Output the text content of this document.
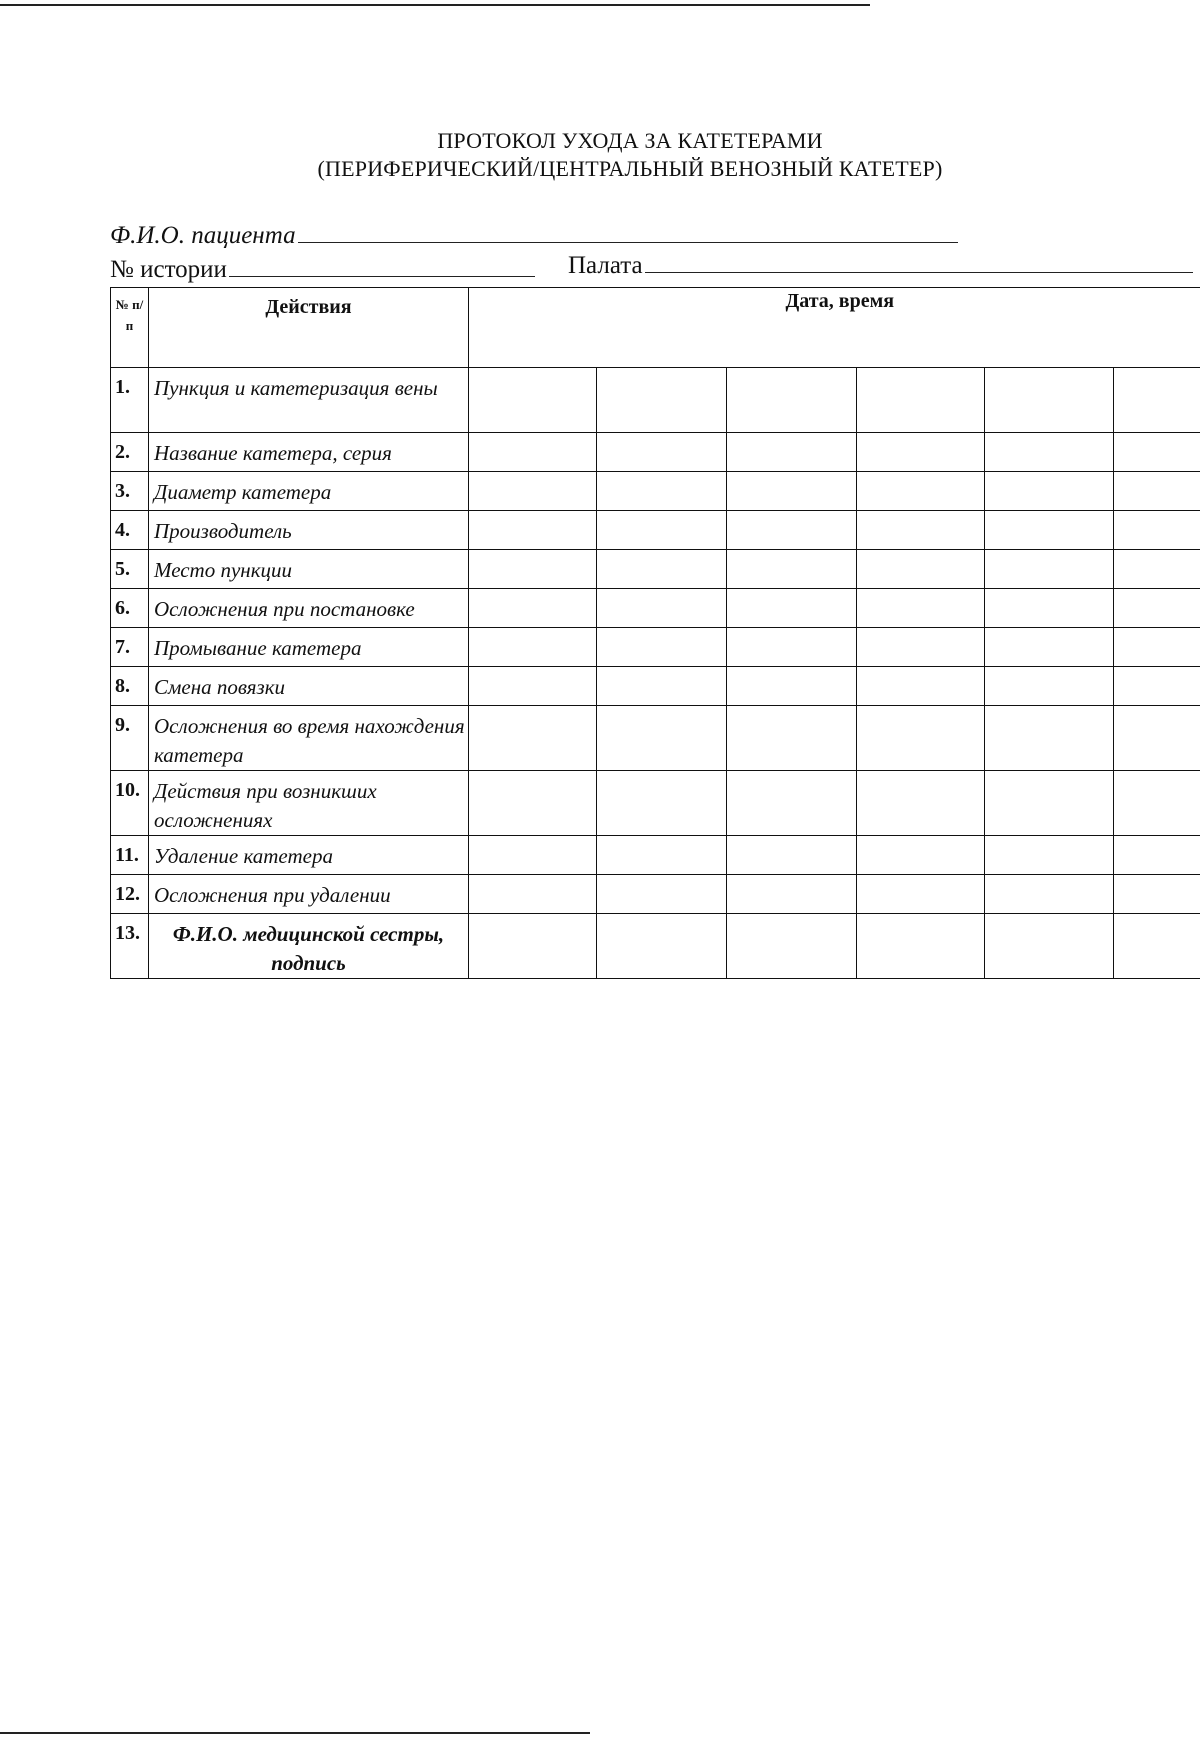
ПРОТОКОЛ УХОДА ЗА КАТЕТЕРАМИ
(ПЕРИФЕРИЧЕСКИЙ/ЦЕНТРАЛЬНЫЙ ВЕНОЗНЫЙ КАТЕТЕР)
Ф.И.О. пациента
№ истории	Палата
№ п/ п	Действия	Дата, время					
1.	Пункция и катетеризация вены						
2.	Название катетера, серия						
3.	Диаметр катетера						
4.	Производитель						
5.	Место пункции						
6.	Осложнения при постановке						
7.	Промывание катетера						
8.	Смена повязки						
9.	Осложнения во время нахождения катетера						
10.	Действия при возникших осложнениях						
11.	Удаление катетера						
12.	Осложнения при удалении						
13.	Ф.И.О. медицинской сестры, подпись						
